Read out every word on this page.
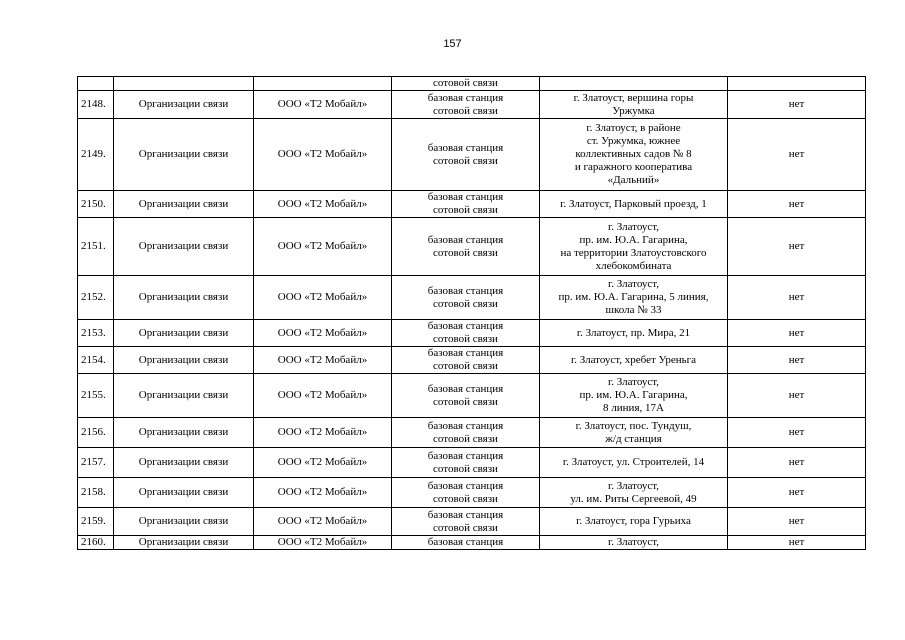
157
			сотовой связи		
2148.	Организации связи	ООО «Т2 Мобайл»	базовая станция
сотовой связи	г. Златоуст, вершина горы
Уржумка	нет
2149.	Организации связи	ООО «Т2 Мобайл»	базовая станция
сотовой связи	г. Златоуст, в районе
ст. Уржумка, южнее
коллективных садов № 8
и гаражного кооператива
«Дальний»	нет
2150.	Организации связи	ООО «Т2 Мобайл»	базовая станция
сотовой связи	г. Златоуст, Парковый проезд, 1	нет
2151.	Организации связи	ООО «Т2 Мобайл»	базовая станция
сотовой связи	г. Златоуст,
пр. им. Ю.А. Гагарина,
на территории Златоустовского
хлебокомбината	нет
2152.	Организации связи	ООО «Т2 Мобайл»	базовая станция
сотовой связи	г. Златоуст,
пр. им. Ю.А. Гагарина, 5 линия,
школа № 33	нет
2153.	Организации связи	ООО «Т2 Мобайл»	базовая станция
сотовой связи	г. Златоуст, пр. Мира, 21	нет
2154.	Организации связи	ООО «Т2 Мобайл»	базовая станция
сотовой связи	г. Златоуст, хребет Уреньга	нет
2155.	Организации связи	ООО «Т2 Мобайл»	базовая станция
сотовой связи	г. Златоуст,
пр. им. Ю.А. Гагарина,
8 линия, 17А	нет
2156.	Организации связи	ООО «Т2 Мобайл»	базовая станция
сотовой связи	г. Златоуст, пос. Тундуш,
ж/д станция	нет
2157.	Организации связи	ООО «Т2 Мобайл»	базовая станция
сотовой связи	г. Златоуст, ул. Строителей, 14	нет
2158.	Организации связи	ООО «Т2 Мобайл»	базовая станция
сотовой связи	г. Златоуст,
ул. им. Риты Сергеевой, 49	нет
2159.	Организации связи	ООО «Т2 Мобайл»	базовая станция
сотовой связи	г. Златоуст, гора Гурьиха	нет
2160.	Организации связи	ООО «Т2 Мобайл»	базовая станция	г. Златоуст,	нет
